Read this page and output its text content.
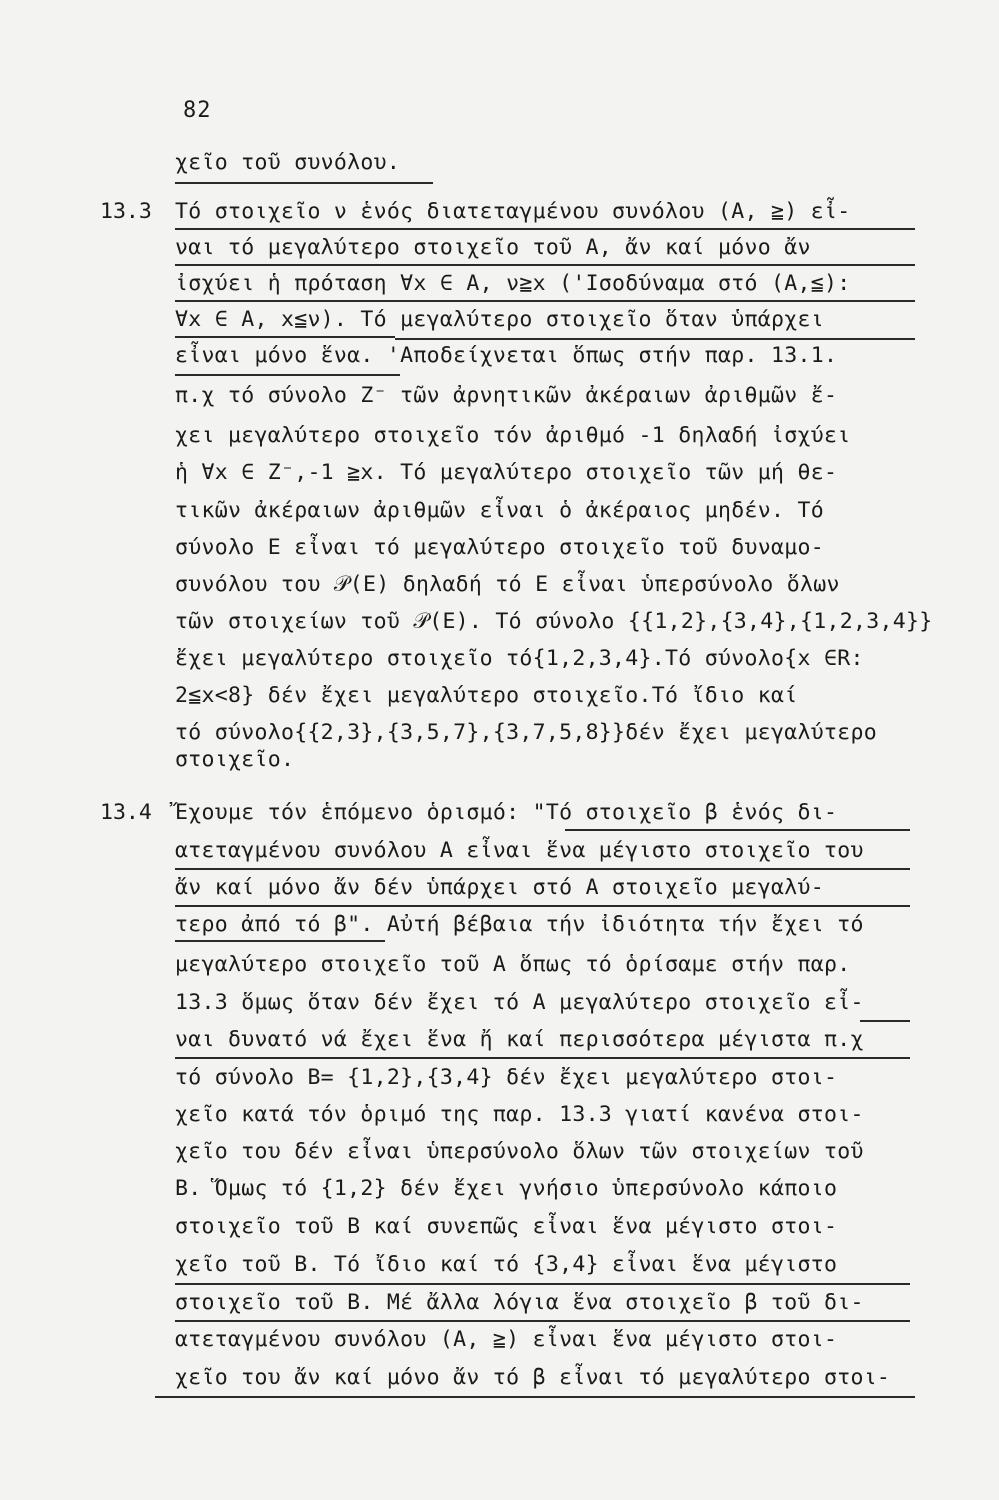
82
13.3
13.4
χεῖο τοῦ συνόλου.
Τό στοιχεῖο ν ἑνός διατεταγμένου συνόλου (Α, ≧) εἶ-
ναι τό μεγαλύτερο στοιχεῖο τοῦ Α, ἄν καί μόνο ἄν
ἰσχύει ἡ πρόταση ∀x ∈ Α, ν≧x ('Ισοδύναμα στό (Α,≦):
∀x ∈ Α, x≦ν). Τό μεγαλύτερο στοιχεῖο ὅταν ὑπάρχει
εἶναι μόνο ἕνα. 'Αποδείχνεται ὅπως στήν παρ. 13.1.
π.χ τό σύνολο Ζ⁻ τῶν ἀρνητικῶν ἀκέραιων ἀριθμῶν ἔ-
χει μεγαλύτερο στοιχεῖο τόν ἀριθμό -1 δηλαδή ἰσχύει
ἡ ∀x ∈ Ζ⁻,-1 ≧x. Τό μεγαλύτερο στοιχεῖο τῶν μή θε-
τικῶν ἀκέραιων ἀριθμῶν εἶναι ὁ ἀκέραιος μηδέν. Τό
σύνολο Ε εἶναι τό μεγαλύτερο στοιχεῖο τοῦ δυναμο-
συνόλου του 𝒫(Ε) δηλαδή τό Ε εἶναι ὑπερσύνολο ὅλων
τῶν στοιχείων τοῦ 𝒫(Ε). Τό σύνολο {{1,2},{3,4},{1,2,3,4}}
ἔχει μεγαλύτερο στοιχεῖο τό{1,2,3,4}.Τό σύνολο{x ∈R:
2≦x<8} δέν ἔχει μεγαλύτερο στοιχεῖο.Τό ἴδιο καί
τό σύνολο{{2,3},{3,5,7},{3,7,5,8}}δέν ἔχει μεγαλύτερο
στοιχεῖο.
Ἔχουμε τόν ἑπόμενο ὁρισμό: "Τό στοιχεῖο β ἑνός δι-
ατεταγμένου συνόλου Α εἶναι ἕνα μέγιστο στοιχεῖο του
ἄν καί μόνο ἄν δέν ὑπάρχει στό Α στοιχεῖο μεγαλύ-
τερο ἀπό τό β". Αὐτή βέβαια τήν ἰδιότητα τήν ἔχει τό
μεγαλύτερο στοιχεῖο τοῦ Α ὅπως τό ὁρίσαμε στήν παρ.
13.3 ὅμως ὅταν δέν ἔχει τό Α μεγαλύτερο στοιχεῖο εἶ-
ναι δυνατό νά ἔχει ἕνα ἤ καί περισσότερα μέγιστα π.χ
τό σύνολο Β= {1,2},{3,4} δέν ἔχει μεγαλύτερο στοι-
χεῖο κατά τόν ὁριμό της παρ. 13.3 γιατί κανένα στοι-
χεῖο του δέν εἶναι ὑπερσύνολο ὅλων τῶν στοιχείων τοῦ
Β. Ὅμως τό {1,2} δέν ἔχει γνήσιο ὑπερσύνολο κάποιο
στοιχεῖο τοῦ Β καί συνεπῶς εἶναι ἕνα μέγιστο στοι-
χεῖο τοῦ Β. Τό ἴδιο καί τό {3,4} εἶναι ἕνα μέγιστο
στοιχεῖο τοῦ Β. Μέ ἄλλα λόγια ἕνα στοιχεῖο β τοῦ δι-
ατεταγμένου συνόλου (Α, ≧) εἶναι ἕνα μέγιστο στοι-
χεῖο του ἄν καί μόνο ἄν τό β εἶναι τό μεγαλύτερο στοι-
